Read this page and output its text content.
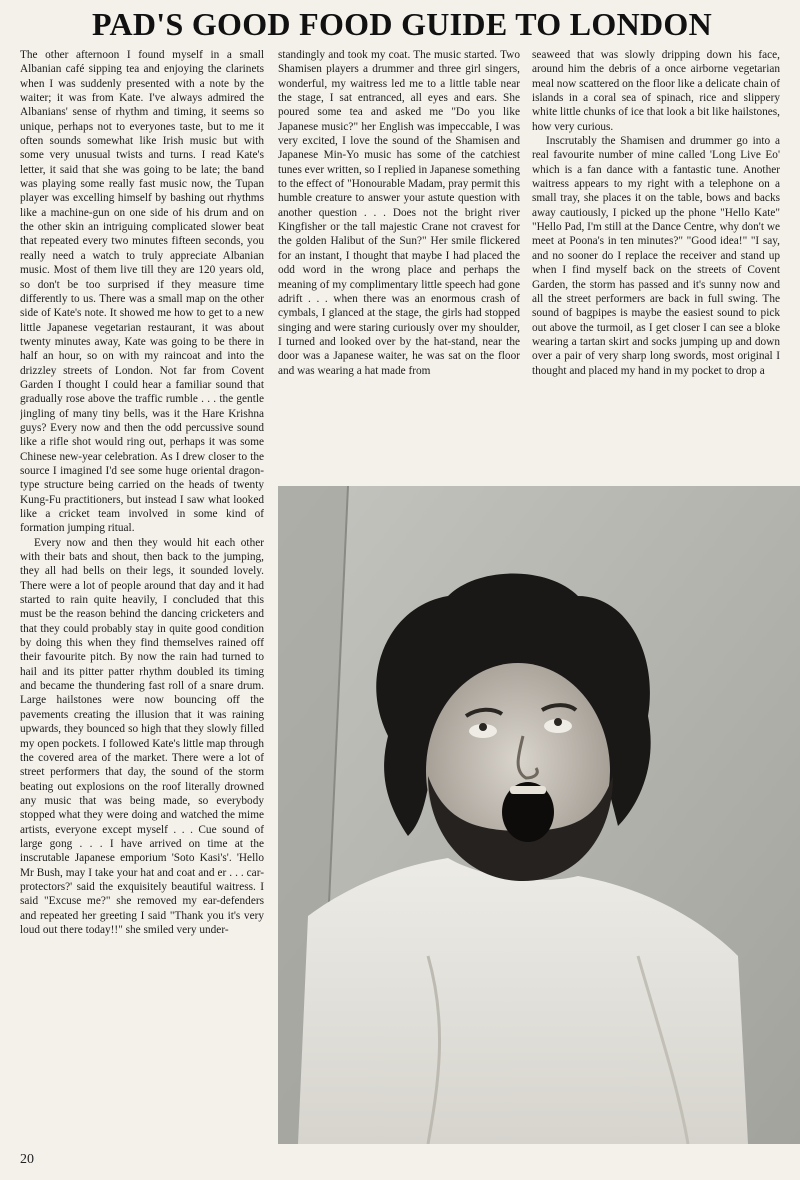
PAD'S GOOD FOOD GUIDE TO LONDON

The other afternoon I found myself in a small Albanian café sipping tea and enjoying the clarinets when I was suddenly presented with a note by the waiter; it was from Kate. I've always admired the Albanians' sense of rhythm and timing, it seems so unique, perhaps not to everyones taste, but to me it often sounds somewhat like Irish music but with some very unusual twists and turns. I read Kate's letter, it said that she was going to be late; the band was playing some really fast music now, the Tupan player was excelling himself by bashing out rhythms like a machine-gun on one side of his drum and on the other skin an intriguing complicated slower beat that repeated every two minutes fifteen seconds, you really need a watch to truly appreciate Albanian music. Most of them live till they are 120 years old, so don't be too surprised if they measure time differently to us. There was a small map on the other side of Kate's note. It showed me how to get to a new little Japanese vegetarian restaurant, it was about twenty minutes away, Kate was going to be there in half an hour, so on with my raincoat and into the drizzley streets of London. Not far from Covent Garden I thought I could hear a familiar sound that gradually rose above the traffic rumble . . . the gentle jingling of many tiny bells, was it the Hare Krishna guys? Every now and then the odd percussive sound like a rifle shot would ring out, perhaps it was some Chinese new-year celebration. As I drew closer to the source I imagined I'd see some huge oriental dragon-type structure being carried on the heads of twenty Kung-Fu practitioners, but instead I saw what looked like a cricket team involved in some kind of formation jumping ritual.

Every now and then they would hit each other with their bats and shout, then back to the jumping, they all had bells on their legs, it sounded lovely. There were a lot of people around that day and it had started to rain quite heavily, I concluded that this must be the reason behind the dancing cricketers and that they could probably stay in quite good condition by doing this when they find themselves rained off their favourite pitch. By now the rain had turned to hail and its pitter patter rhythm doubled its timing and became the thundering fast roll of a snare drum. Large hailstones were now bouncing off the pavements creating the illusion that it was raining upwards, they bounced so high that they slowly filled my open pockets. I followed Kate's little map through the covered area of the market. There were a lot of street performers that day, the sound of the storm beating out explosions on the roof literally drowned any music that was being made, so everybody stopped what they were doing and watched the mime artists, everyone except myself . . . Cue sound of large gong . . . I have arrived on time at the inscrutable Japanese emporium 'Soto Kasi's'. 'Hello Mr Bush, may I take your hat and coat and er . . . car-protectors?' said the exquisitely beautiful waitress. I said "Excuse me?" she removed my ear-defenders and repeated her greeting I said "Thank you it's very loud out there today!!" she smiled very under-

standingly and took my coat. The music started. Two Shamisen players a drummer and three girl singers, wonderful, my waitress led me to a little table near the stage, I sat entranced, all eyes and ears. She poured some tea and asked me "Do you like Japanese music?" her English was impeccable, I was very excited, I love the sound of the Shamisen and Japanese Min-Yo music has some of the catchiest tunes ever written, so I replied in Japanese something to the effect of "Honourable Madam, pray permit this humble creature to answer your astute question with another question . . . Does not the bright river Kingfisher or the tall majestic Crane not cravest for the golden Halibut of the Sun?" Her smile flickered for an instant, I thought that maybe I had placed the odd word in the wrong place and perhaps the meaning of my complimentary little speech had gone adrift . . . when there was an enormous crash of cymbals, I glanced at the stage, the girls had stopped singing and were staring curiously over my shoulder, I turned and looked over by the hat-stand, near the door was a Japanese waiter, he was sat on the floor and was wearing a hat made from

seaweed that was slowly dripping down his face, around him the debris of a once airborne vegetarian meal now scattered on the floor like a delicate chain of islands in a coral sea of spinach, rice and slippery white little chunks of ice that look a bit like hailstones, how very curious.

Inscrutably the Shamisen and drummer go into a real favourite number of mine called 'Long Live Eo' which is a fan dance with a fantastic tune. Another waitress appears to my right with a telephone on a small tray, she places it on the table, bows and backs away cautiously, I picked up the phone "Hello Kate" "Hello Pad, I'm still at the Dance Centre, why don't we meet at Poona's in ten minutes?" "Good idea!" "I say, and no sooner do I replace the receiver and stand up when I find myself back on the streets of Covent Garden, the storm has passed and it's sunny now and all the street performers are back in full swing. The sound of bagpipes is maybe the easiest sound to pick out above the turmoil, as I get closer I can see a bloke wearing a tartan skirt and socks jumping up and down over a pair of very sharp long swords, most original I thought and placed my hand in my pocket to drop a

20
